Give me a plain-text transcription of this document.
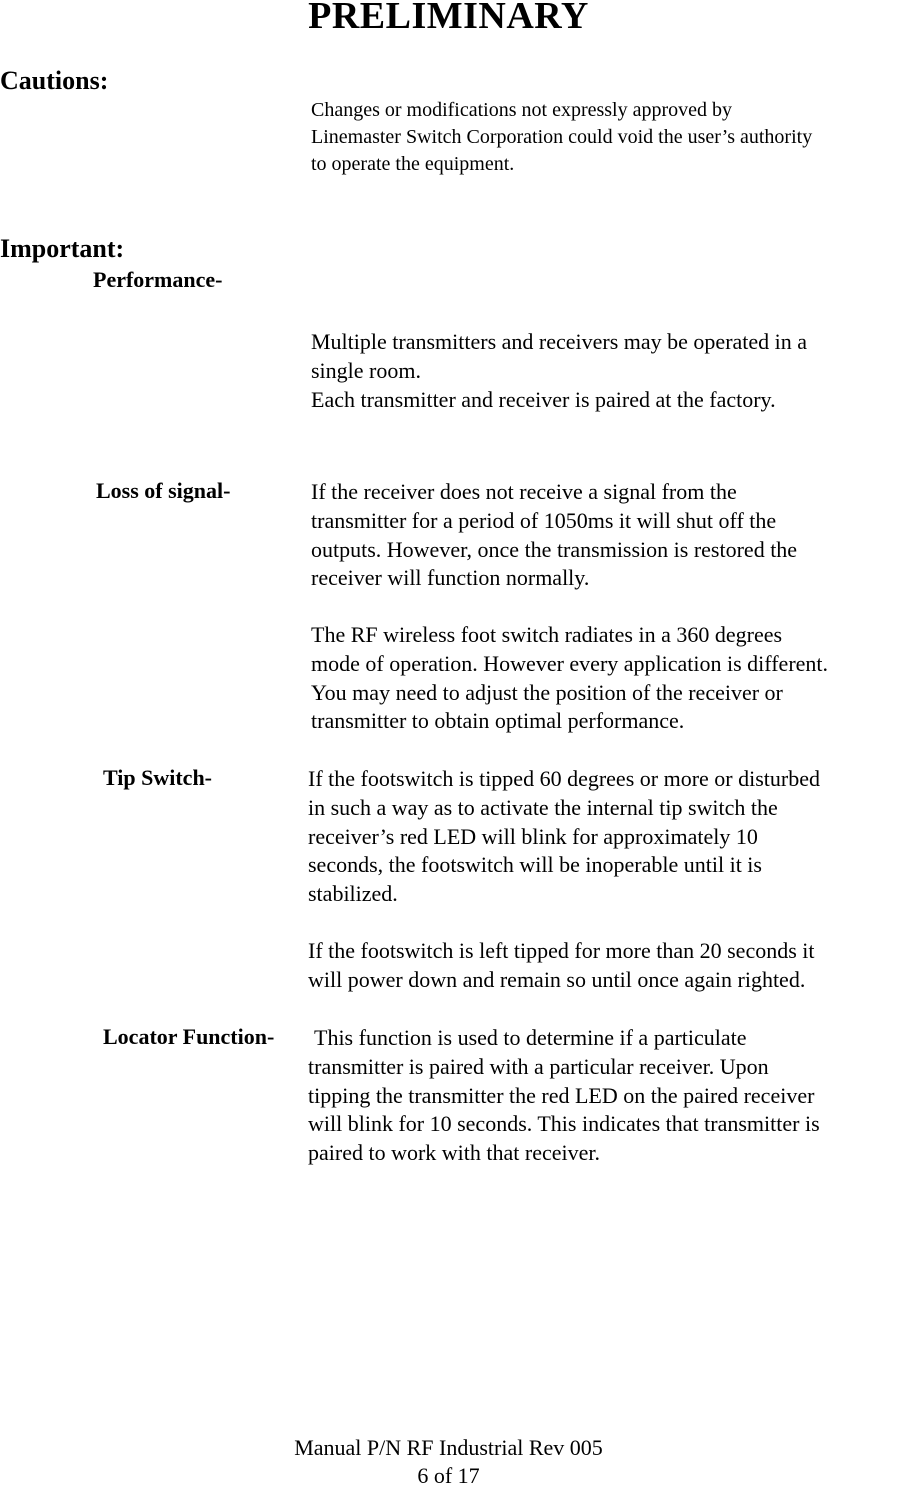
PRELIMINARY
Cautions:
Changes or modifications not expressly approved by
Linemaster Switch Corporation could void the user’s authority
to operate the equipment.
Important:
Performance-
Multiple transmitters and receivers may be operated in a
single room.
Each transmitter and receiver is paired at the factory.
Loss of signal-	If the receiver does not receive a signal from the
transmitter for a period of 1050ms it will shut off the
outputs. However, once the transmission is restored the
receiver will function normally.
The RF wireless foot switch radiates in a 360 degrees
mode of operation. However every application is different.
You may need to adjust the position of the receiver or
transmitter to obtain optimal performance.
Tip Switch-	If the footswitch is tipped 60 degrees or more or disturbed
in such a way as to activate the internal tip switch the
receiver’s red LED will blink for approximately 10
seconds, the footswitch will be inoperable until it is
stabilized.
If the footswitch is left tipped for more than 20 seconds it
will power down and remain so until once again righted.
Locator Function- This function is used to determine if a particulate
transmitter is paired with a particular receiver. Upon
tipping the transmitter the red LED on the paired receiver
will blink for 10 seconds. This indicates that transmitter is
paired to work with that receiver.
Manual P/N RF Industrial Rev 005
6 of 17
